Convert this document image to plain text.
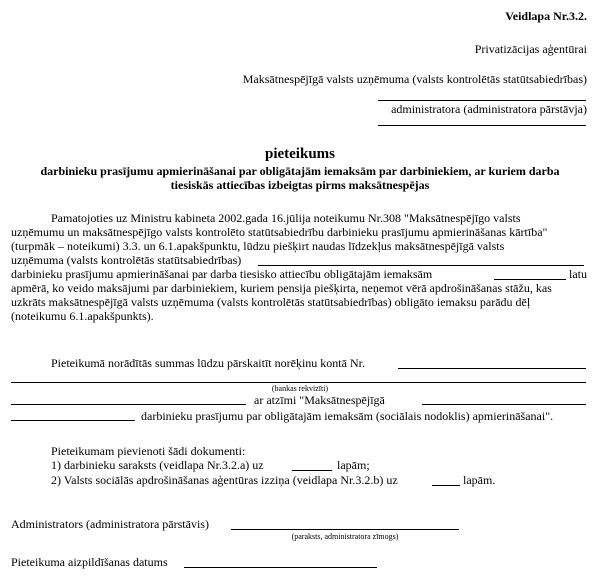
Veidlapa Nr.3.2.
Privatizācijas aģentūrai
Maksātnespējīgā valsts uzņēmuma (valsts kontrolētās statūtsabiedrības)
administratora (administratora pārstāvja)
pieteikums
darbinieku prasījumu apmierināšanai par obligātajām iemaksām par darbiniekiem, ar kuriem darba
tiesiskās attiecības izbeigtas pirms maksātnespējas
Pamatojoties uz Ministru kabineta 2002.gada 16.jūlija noteikumu Nr.308 "Maksātnespējīgo valsts
uzņēmumu un maksātnespējīgo valsts kontrolēto statūtsabiedrību darbinieku prasījumu apmierināšanas kārtība"
(turpmāk – noteikumi) 3.3. un 6.1.apakšpunktu, lūdzu piešķirt naudas līdzekļus maksātnespējīgā valsts
uzņēmuma (valsts kontrolētās statūtsabiedrības)
darbinieku prasījumu apmierināšanai par darba tiesisko attiecību obligātajām iemaksām	latu
apmērā, ko veido maksājumi par darbiniekiem, kuriem pensija piešķirta, neņemot vērā apdrošināšanas stāžu, kas
uzkrāts maksātnespējīgā valsts uzņēmuma (valsts kontrolētās statūtsabiedrības) obligāto iemaksu parādu dēļ
(noteikumu 6.1.apakšpunkts).
Pieteikumā norādītās summas lūdzu pārskaitīt norēķinu kontā Nr.
(bankas rekvizīti)
ar atzīmi "Maksātnespējīgā
darbinieku prasījumu par obligātajām iemaksām (sociālais nodoklis) apmierināšanai".
Pieteikumam pievienoti šādi dokumenti:
1) darbinieku saraksts (veidlapa Nr.3.2.a) uz	lapām;
2) Valsts sociālās apdrošināšanas aģentūras izziņa (veidlapa Nr.3.2.b) uz	lapām.
Administrators (administratora pārstāvis)
(paraksts, administratora zīmogs)
Pieteikuma aizpildīšanas datums
